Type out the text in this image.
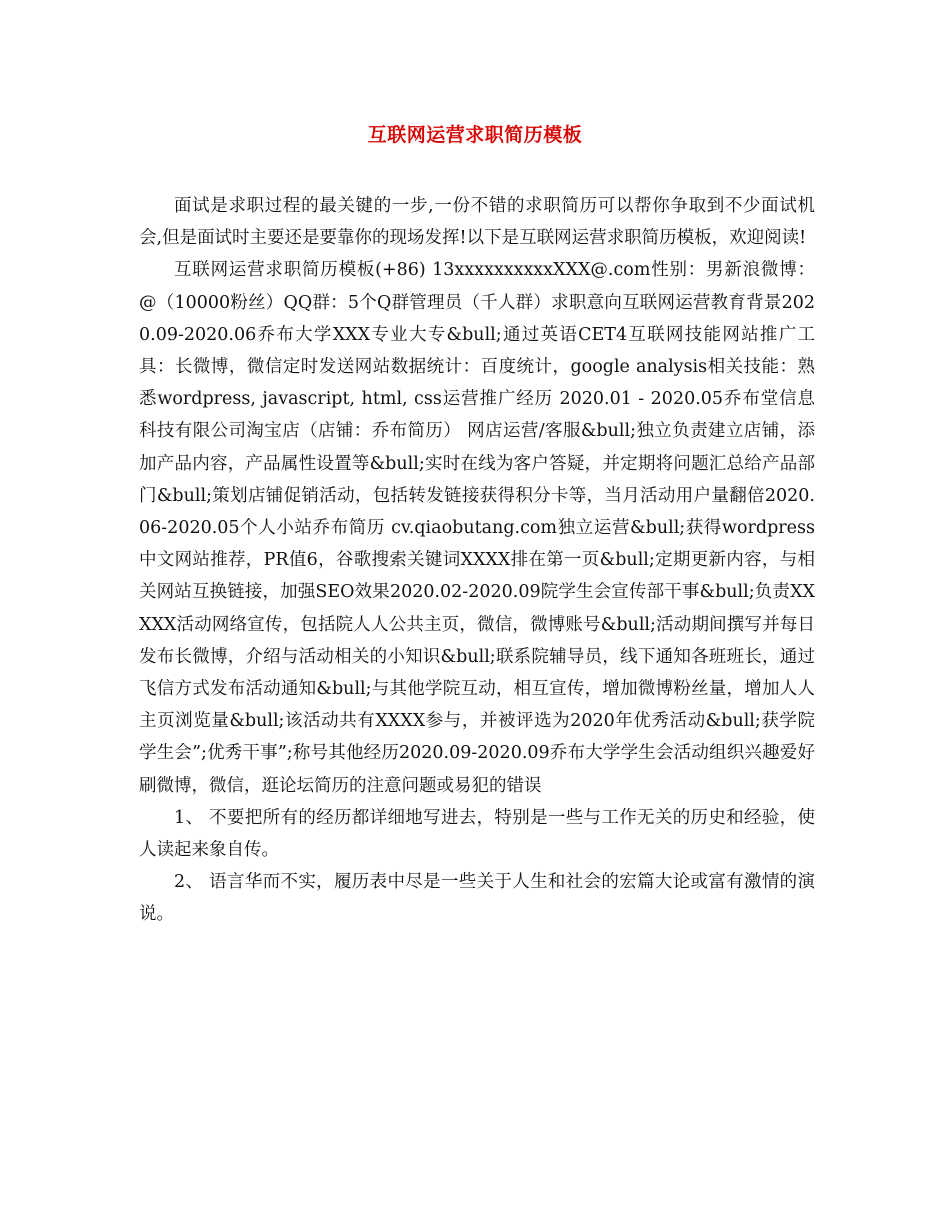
互联网运营求职简历模板

面试是求职过程的最关键的一步,一份不错的求职简历可以帮你争取到不少面试机会,但是面试时主要还是要靠你的现场发挥!以下是互联网运营求职简历模板，欢迎阅读!

互联网运营求职简历模板(+86) 13xxxxxxxxxxXXX@.com性别：男新浪微博：@（10000粉丝）QQ群：5个Q群管理员（千人群）求职意向互联网运营教育背景2020.09-2020.06乔布大学XXX专业大专&bull;通过英语CET4互联网技能网站推广工具：长微博，微信定时发送网站数据统计：百度统计，google analysis相关技能：熟悉wordpress, javascript, html, css运营推广经历 2020.01 - 2020.05乔布堂信息科技有限公司淘宝店（店铺：乔布简历） 网店运营/客服&bull;独立负责建立店铺，添加产品内容，产品属性设置等&bull;实时在线为客户答疑，并定期将问题汇总给产品部门&bull;策划店铺促销活动，包括转发链接获得积分卡等，当月活动用户量翻倍2020.06-2020.05个人小站乔布简历 cv.qiaobutang.com独立运营&bull;获得wordpress中文网站推荐，PR值6，谷歌搜索关键词XXXX排在第一页&bull;定期更新内容，与相关网站互换链接，加强SEO效果2020.02-2020.09院学生会宣传部干事&bull;负责XXXXX活动网络宣传，包括院人人公共主页，微信，微博账号&bull;活动期间撰写并每日发布长微博，介绍与活动相关的小知识&bull;联系院辅导员，线下通知各班班长，通过飞信方式发布活动通知&bull;与其他学院互动，相互宣传，增加微博粉丝量，增加人人主页浏览量&bull;该活动共有XXXX参与，并被评选为2020年优秀活动&bull;获学院学生会”;优秀干事”;称号其他经历2020.09-2020.09乔布大学学生会活动组织兴趣爱好刷微博，微信，逛论坛简历的注意问题或易犯的错误

1、 不要把所有的经历都详细地写进去，特别是一些与工作无关的历史和经验，使人读起来象自传。

2、 语言华而不实，履历表中尽是一些关于人生和社会的宏篇大论或富有激情的演说。
